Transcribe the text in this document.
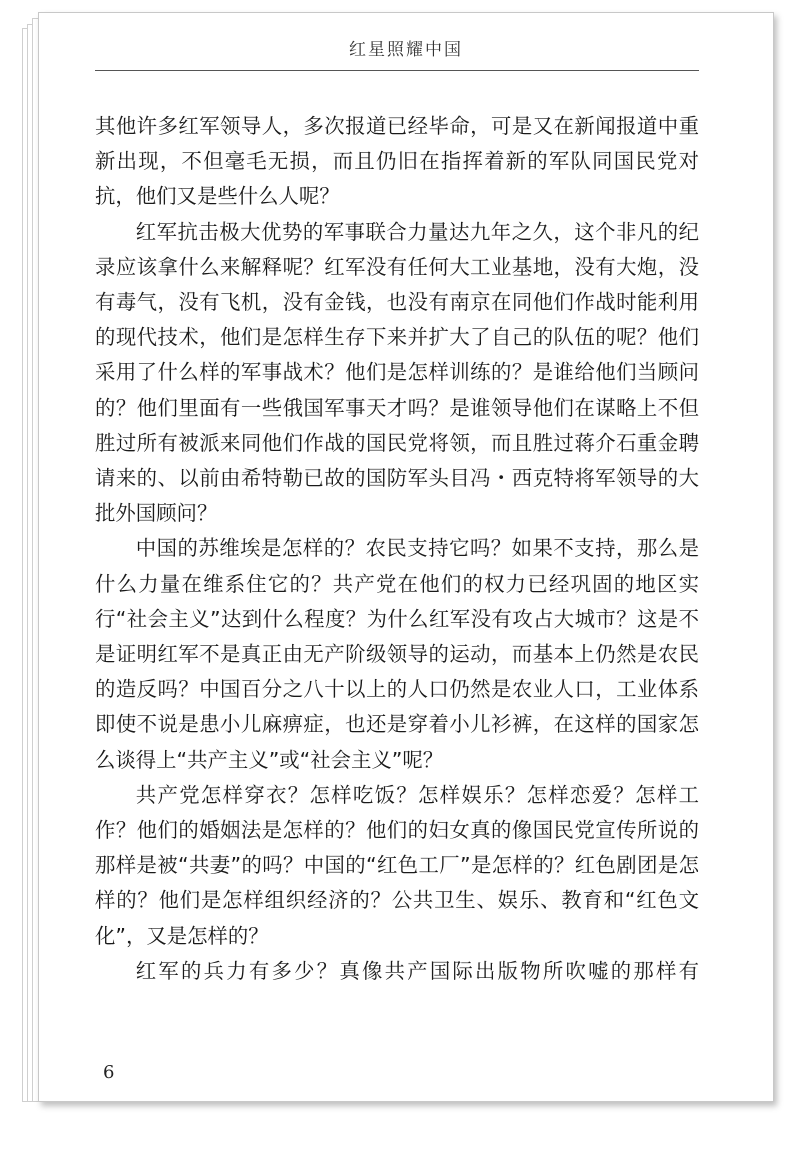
红星照耀中国

其他许多红军领导人，多次报道已经毕命，可是又在新闻报道中重新出现，不但毫毛无损，而且仍旧在指挥着新的军队同国民党对抗，他们又是些什么人呢？

红军抗击极大优势的军事联合力量达九年之久，这个非凡的纪录应该拿什么来解释呢？红军没有任何大工业基地，没有大炮，没有毒气，没有飞机，没有金钱，也没有南京在同他们作战时能利用的现代技术，他们是怎样生存下来并扩大了自己的队伍的呢？他们采用了什么样的军事战术？他们是怎样训练的？是谁给他们当顾问的？他们里面有一些俄国军事天才吗？是谁领导他们在谋略上不但胜过所有被派来同他们作战的国民党将领，而且胜过蒋介石重金聘请来的、以前由希特勒已故的国防军头目冯・西克特将军领导的大批外国顾问？

中国的苏维埃是怎样的？农民支持它吗？如果不支持，那么是什么力量在维系住它的？共产党在他们的权力已经巩固的地区实行“社会主义”达到什么程度？为什么红军没有攻占大城市？这是不是证明红军不是真正由无产阶级领导的运动，而基本上仍然是农民的造反吗？中国百分之八十以上的人口仍然是农业人口，工业体系即使不说是患小儿麻痹症，也还是穿着小儿衫裤，在这样的国家怎么谈得上“共产主义”或“社会主义”呢？

共产党怎样穿衣？怎样吃饭？怎样娱乐？怎样恋爱？怎样工作？他们的婚姻法是怎样的？他们的妇女真的像国民党宣传所说的那样是被“共妻”的吗？中国的“红色工厂”是怎样的？红色剧团是怎样的？他们是怎样组织经济的？公共卫生、娱乐、教育和“红色文化”，又是怎样的？

红军的兵力有多少？真像共产国际出版物所吹嘘的那样有

6
